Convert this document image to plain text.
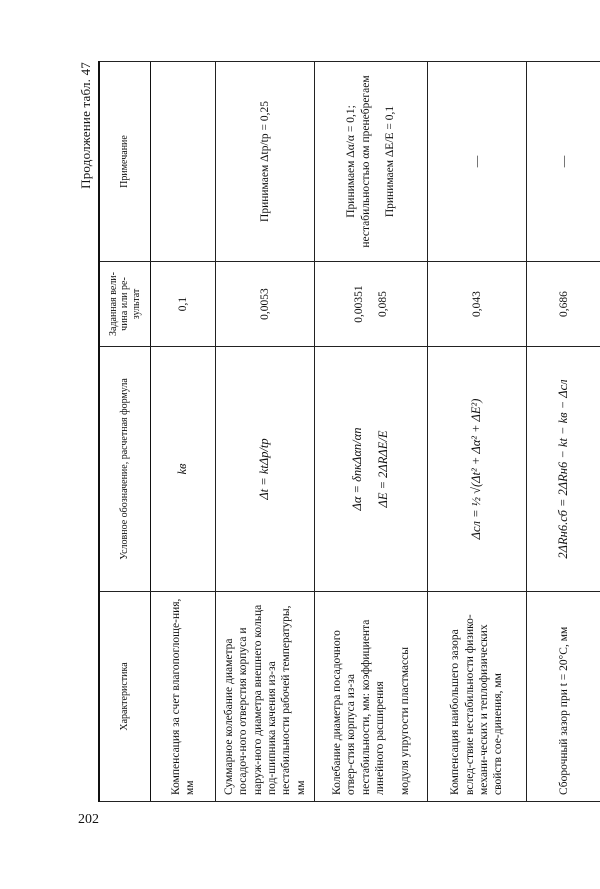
202
Продолжение табл. 47
Характеристика	Условное обозначение, расчетная формула	Заданная вели-
чина или ре-
зультат	Примечание
Компенсация за счет влагопоглоще-ния, мм	kв	0,1	
Суммарное колебание диаметра посадоч-ного отверстия корпуса и наруж-ного диаметра внешнего кольца под-шипника качения из-за нестабильности рабочей температуры, мм	Δt = ktΔр/tр	0,0053	Принимаем Δtр/tр = 0,25

Колебание диаметра посадочного отвер-стия корпуса из-за нестабильности, мм: коэффициента линейного расширения модуля упругости пластмассы	Δα = δпкΔαп/αп ΔE = 2ΔRΔE/E	0,00351 0,085	Принимаем Δα/α = 0,1; нестабильностью αм пренебрегаем Принимаем ΔE/E = 0,1

Компенсация наибольшего зазора вслед-ствие нестабильности физико-механи-ческих и теплофизических свойств сое-динения, мм	Δсл = ½ √(Δt² + Δα² + ΔE²)	0,043	—
Сборочный зазор при t = 20°C, мм	2ΔRн6.сб = 2ΔRн6 − kt − kв − Δсл	0,686	—
